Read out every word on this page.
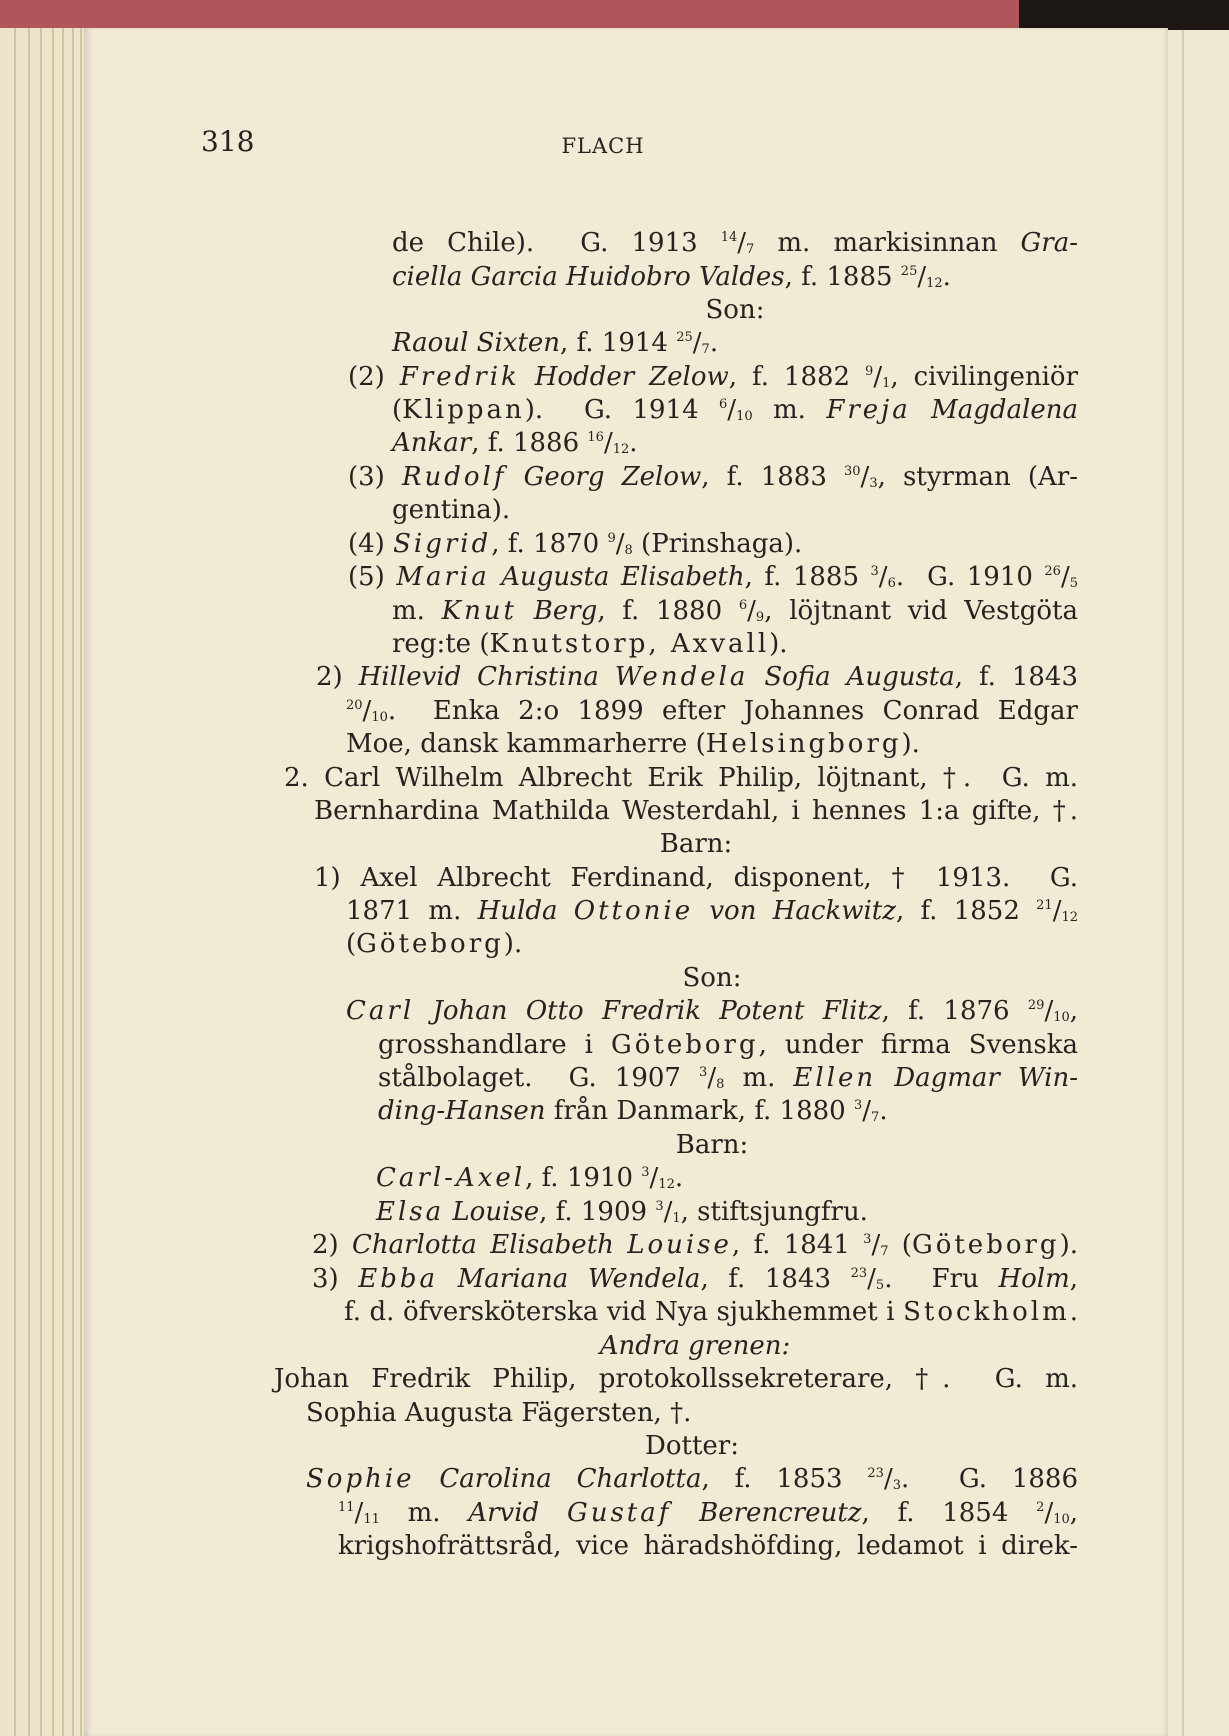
318	FLACH
de Chile).  G. 1913 $^{14}/_7$ m. markisinnan Gra-
ciella Garcia Huidobro Valdes, f. 1885 $^{25}/_{12}$.
Son:
Raoul Sixten, f. 1914 $^{25}/_7$.
(2) Fredrik Hodder Zelow, f. 1882 $^9/_1$, civilingeniör
(Klippan).  G. 1914 $^6/_{10}$ m. Freja Magdalena
Ankar, f. 1886 $^{16}/_{12}$.
(3) Rudolf Georg Zelow, f. 1883 $^{30}/_3$, styrman (Ar-
gentina).
(4) Sigrid, f. 1870 $^9/_8$ (Prinshaga).
(5) Maria Augusta Elisabeth, f. 1885 $^3/_6$.  G. 1910 $^{26}/_5$
m. Knut Berg, f. 1880 $^6/_9$, löjtnant vid Vestgöta
reg:te (Knutstorp, Axvall).
2) Hillevid Christina Wendela Sofia Augusta, f. 1843
$^{20}/_{10}$.  Enka 2:o 1899 efter Johannes Conrad Edgar
Moe, dansk kammarherre (Helsingborg).
2. Carl Wilhelm Albrecht Erik Philip, löjtnant, †.  G. m.
Bernhardina Mathilda Westerdahl, i hennes 1:a gifte, †.
Barn:
1) Axel Albrecht Ferdinand, disponent, † 1913.  G.
1871 m. Hulda Ottonie von Hackwitz, f. 1852 $^{21}/_{12}$
(Göteborg).
Son:
Carl Johan Otto Fredrik Potent Flitz, f. 1876 $^{29}/_{10}$,
grosshandlare i Göteborg, under firma Svenska
stålbolaget.  G. 1907 $^3/_8$ m. Ellen Dagmar Win-
ding-Hansen från Danmark, f. 1880 $^3/_7$.
Barn:
Carl-Axel, f. 1910 $^3/_{12}$.
Elsa Louise, f. 1909 $^3/_1$, stiftsjungfru.
2) Charlotta Elisabeth Louise, f. 1841 $^3/_7$ (Göteborg).
3) Ebba Mariana Wendela, f. 1843 $^{23}/_5$.  Fru Holm,
f. d. öfversköterska vid Nya sjukhemmet i Stockholm.
Andra grenen:
Johan Fredrik Philip, protokollssekreterare, †.  G. m.
Sophia Augusta Fägersten, †.
Dotter:
Sophie Carolina Charlotta, f. 1853 $^{23}/_3$.  G. 1886
$^{11}/_{11}$ m. Arvid Gustaf Berencreutz, f. 1854 $^2/_{10}$,
krigshofrättsråd, vice häradshöfding, ledamot i direk-
